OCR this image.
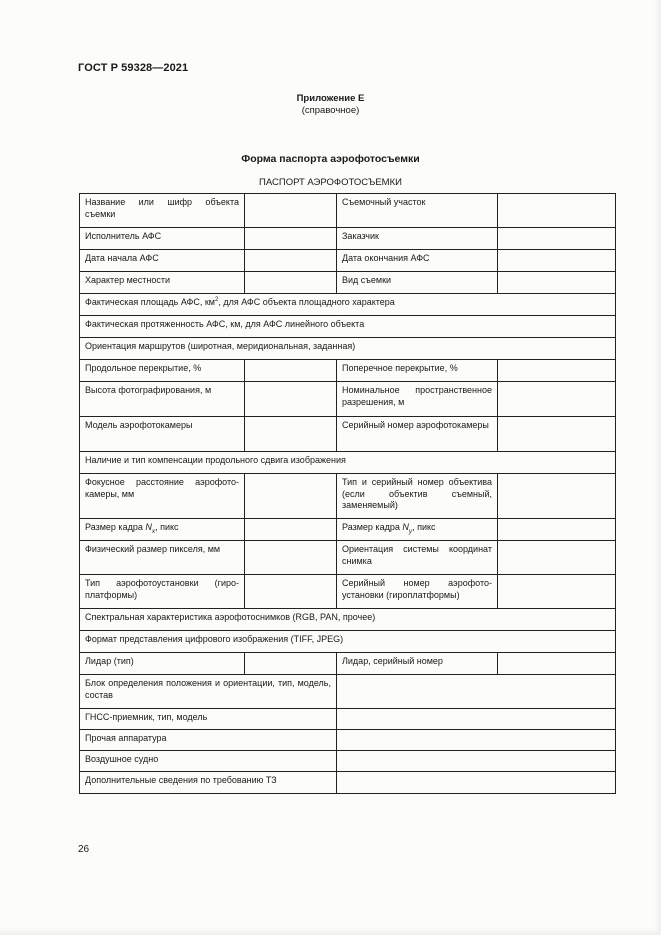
ГОСТ Р 59328—2021
Приложение Е
(справочное)
Форма паспорта аэрофотосъемки
ПАСПОРТ АЭРОФОТОСЪЕМКИ
Название или шифр объекта съемки		Съемочный участок	
Исполнитель АФС		Заказчик	
Дата начала АФС		Дата окончания АФС	
Характер местности		Вид съемки	
Фактическая площадь АФС, $км^2$, для АФС объекта площадного характера			
Фактическая протяженность АФС, км, для АФС линейного объекта			
Ориентация маршрутов (широтная, меридиональная, заданная)			
Продольное перекрытие, %		Поперечное перекрытие, %	
Высота фотографирования, м		Номинальное пространственное разрешения, м	
Модель аэрофотокамеры		Серийный номер аэрофотокамеры	
Наличие и тип компенсации продольного сдвига изображения			
Фокусное расстояние аэрофотокамеры, мм		Тип и серийный номер объектива (если объектив съемный, заменяемый)	
Размер кадра $N_x$, пикс		Размер кадра $N_y$, пикс	
Физический размер пикселя, мм		Ориентация системы координат снимка	
Тип аэрофотоустановки (гироплатформы)		Серийный номер аэрофотоустановки (гироплатформы)	
Спектральная характеристика аэрофотоснимков (RGB, PAN, прочее)			
Формат представления цифрового изображения (TIFF, JPEG)			
Лидар (тип)		Лидар, серийный номер	
Блок определения положения и ориентации, тип, модель, состав			
ГНСС-приемник, тип, модель			
Прочая аппаратура			
Воздушное судно			
Дополнительные сведения по требованию ТЗ			
26
